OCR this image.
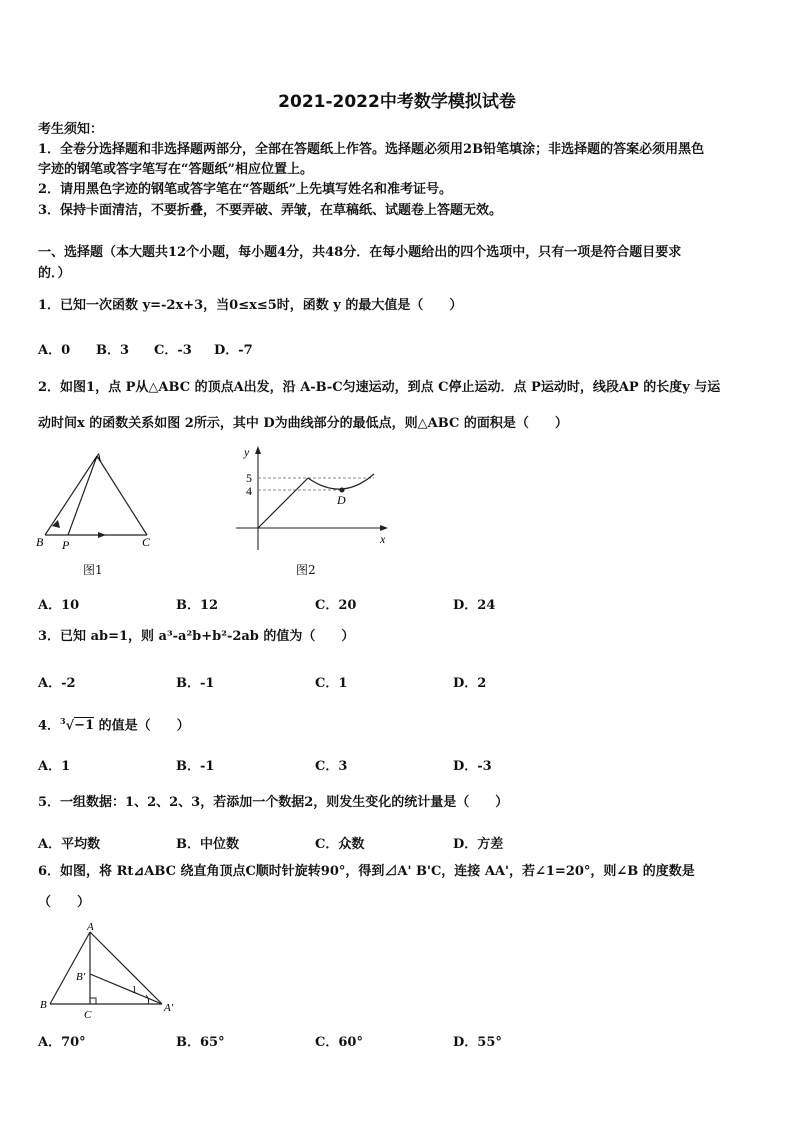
2021-2022中考数学模拟试卷
考生须知：
1．全卷分选择题和非选择题两部分，全部在答题纸上作答。选择题必须用2B铅笔填涂；非选择题的答案必须用黑色
字迹的钢笔或答字笔写在“答题纸”相应位置上。
2．请用黑色字迹的钢笔或答字笔在“答题纸”上先填写姓名和准考证号。
3．保持卡面清洁，不要折叠，不要弄破、弄皱，在草稿纸、试题卷上答题无效。
一、选择题（本大题共12个小题，每小题4分，共48分．在每小题给出的四个选项中，只有一项是符合题目要求
的．）
1．已知一次函数 y=-2x+3，当0≤x≤5时，函数 y 的最大值是（　　）
A．0 B．3 C．-3 D．-7
2．如图1，点 P从△ABC 的顶点A出发，沿 A-B-C匀速运动，到点 C停止运动．点 P运动时，线段AP 的长度y 与运
动时间x 的函数关系如图 2所示，其中 D为曲线部分的最低点，则△ABC 的面积是（　　）
A
B P	C
图1
y
5
4
D
x
图2
A．10	B．12	C．20	D．24
3．已知 ab=1，则 a³-a²b+b²-2ab 的值为（　　）
A．-2	B．-1	C．1	D．2
4．$^3$√−1 的值是（　　）
A．1	B．-1	C．3	D．-3
5．一组数据：1、2、2、3，若添加一个数据2，则发生变化的统计量是（　　）
A．平均数	B．中位数	C．众数	D．方差
6．如图，将 Rt⊿ABC 绕直角顶点C顺时针旋转90°，得到⊿A' B'C，连接 AA'，若∠1=20°，则∠B 的度数是
（　　）
A
B'
1
B
C
A'
A．70°	B．65°	C．60°	D．55°
